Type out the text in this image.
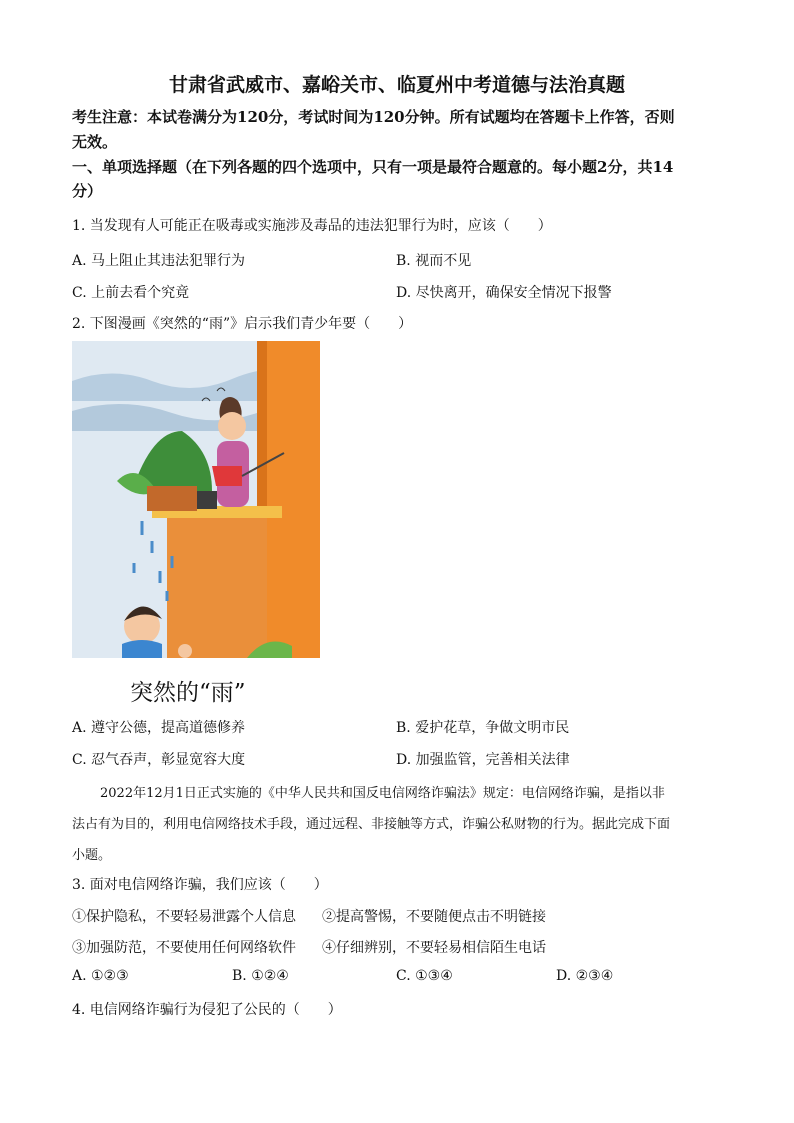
甘肃省武威市、嘉峪关市、临夏州中考道德与法治真题
考生注意：本试卷满分为120分，考试时间为120分钟。所有试题均在答题卡上作答，否则
无效。
一、单项选择题（在下列各题的四个选项中，只有一项是最符合题意的。每小题2分，共14
分）
1. 当发现有人可能正在吸毒或实施涉及毒品的违法犯罪行为时，应该（　　）
A. 马上阻止其违法犯罪行为	B. 视而不见
C. 上前去看个究竟	D. 尽快离开，确保安全情况下报警
2. 下图漫画《突然的“雨”》启示我们青少年要（　　）
突然的“雨”
A. 遵守公德，提高道德修养	B. 爱护花草，争做文明市民
C. 忍气吞声，彰显宽容大度	D. 加强监管，完善相关法律
2022年12月1日正式实施的《中华人民共和国反电信网络诈骗法》规定：电信网络诈骗，是指以非
法占有为目的，利用电信网络技术手段，通过远程、非接触等方式，诈骗公私财物的行为。据此完成下面
小题。
3. 面对电信网络诈骗，我们应该（　　）
①保护隐私，不要轻易泄露个人信息 ②提高警惕，不要随便点击不明链接
③加强防范，不要使用任何网络软件 ④仔细辨别，不要轻易相信陌生电话
A. ①②③	B. ①②④	C. ①③④	D. ②③④
4. 电信网络诈骗行为侵犯了公民的（　　）
